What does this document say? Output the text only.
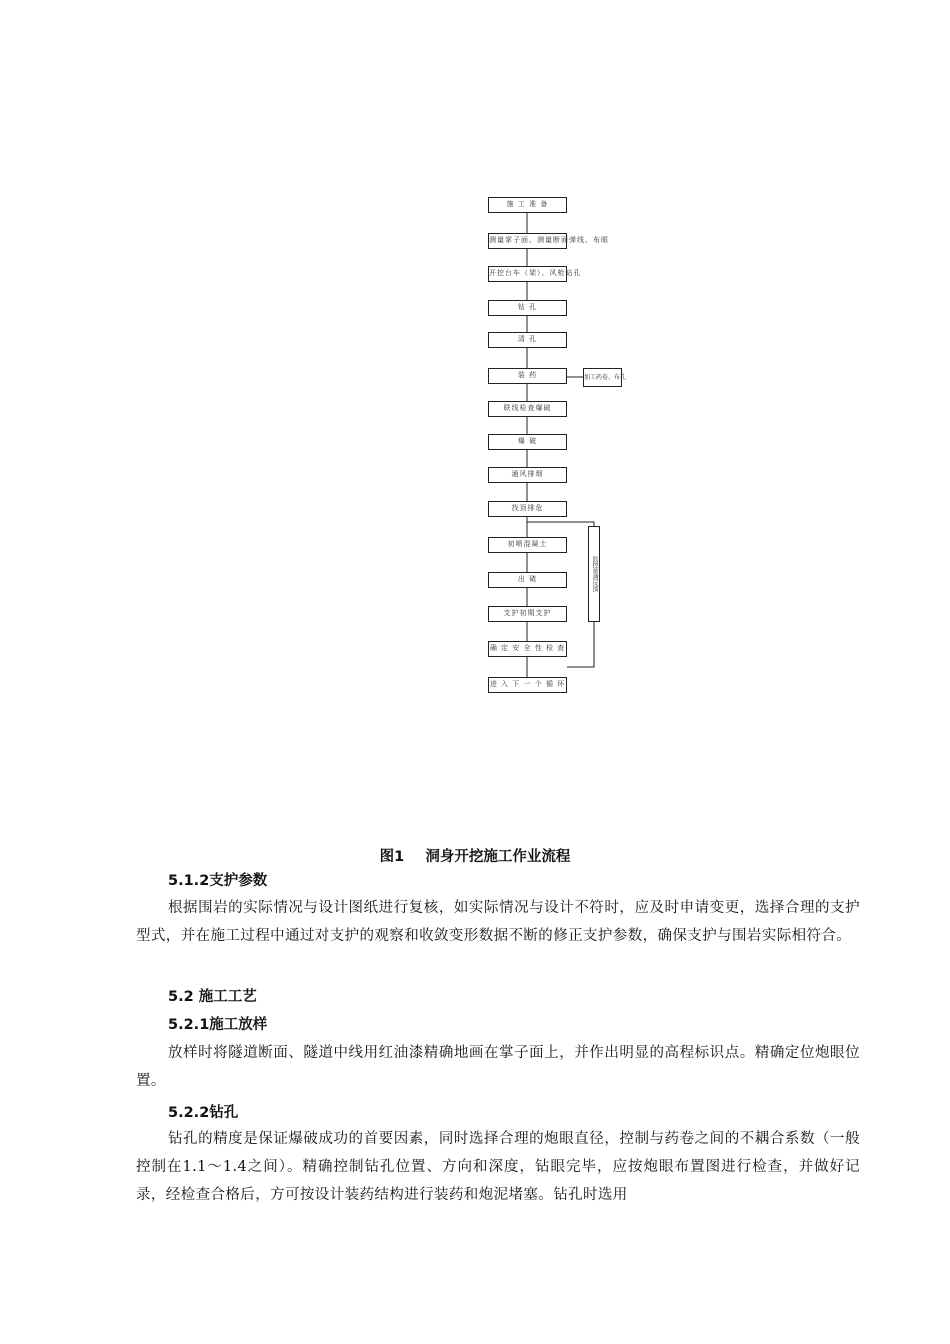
施 工 准 备
测量掌子面、测量断面弹线、布眼
开挖台车（架）、风枪钻孔
钻 孔
清 孔
装 药
联线检查爆破
爆 破
通风排烟
找顶排危
初喷混凝土
出 碴
支护初期支护
确 定 安 全 性 检 查
进 入 下 一 个 循 环
加工药卷、布孔
监控量测反馈
图1 洞身开挖施工作业流程
5.1.2支护参数

根据围岩的实际情况与设计图纸进行复核，如实际情况与设计不符时，应及时申请变更，选择合理的支护型式，并在施工过程中通过对支护的观察和收敛变形数据不断的修正支护参数，确保支护与围岩实际相符合。

5.2 施工工艺
5.2.1施工放样

放样时将隧道断面、隧道中线用红油漆精确地画在掌子面上，并作出明显的高程标识点。精确定位炮眼位置。

5.2.2钻孔

钻孔的精度是保证爆破成功的首要因素，同时选择合理的炮眼直径，控制与药卷之间的不耦合系数（一般控制在1.1～1.4之间）。精确控制钻孔位置、方向和深度，钻眼完毕，应按炮眼布置图进行检查，并做好记录，经检查合格后，方可按设计装药结构进行装药和炮泥堵塞。钻孔时选用
